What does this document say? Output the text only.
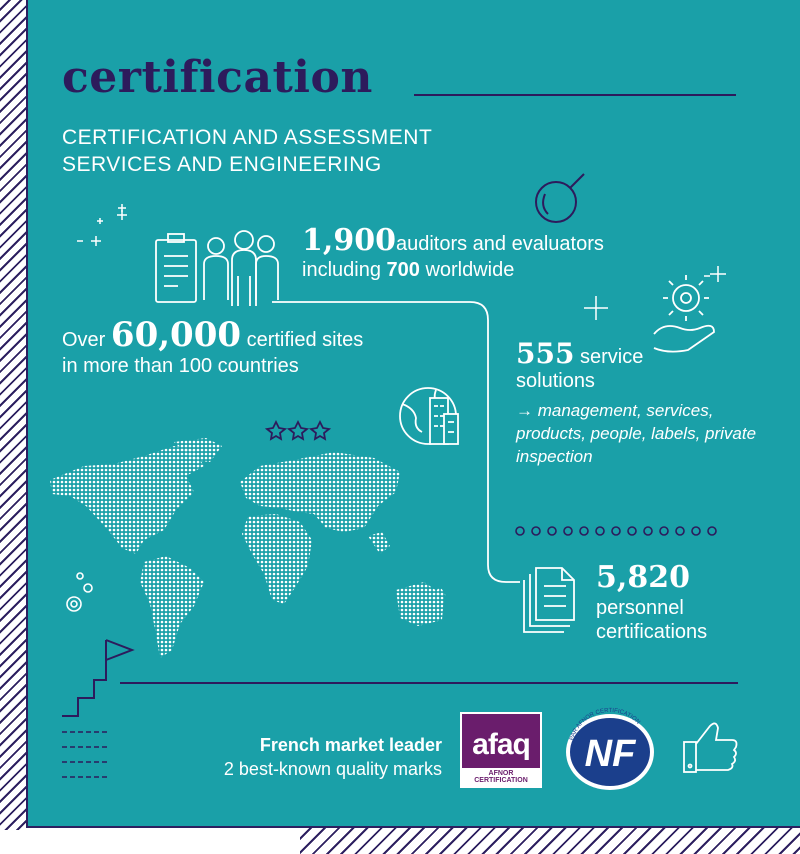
certification
CERTIFICATION AND ASSESSMENT
SERVICES AND ENGINEERING
1,900auditors and evaluators
including 700 worldwide
Over 60,000 certified sites
in more than 100 countries	555 service
solutions
→ management, services, products, people, labels, private inspection
5,820
personnel
certifications
French market leader
2 best-known quality marks
afaq
AFNOR CERTIFICATION
NF
PAR AFNOR CERTIFICATION
